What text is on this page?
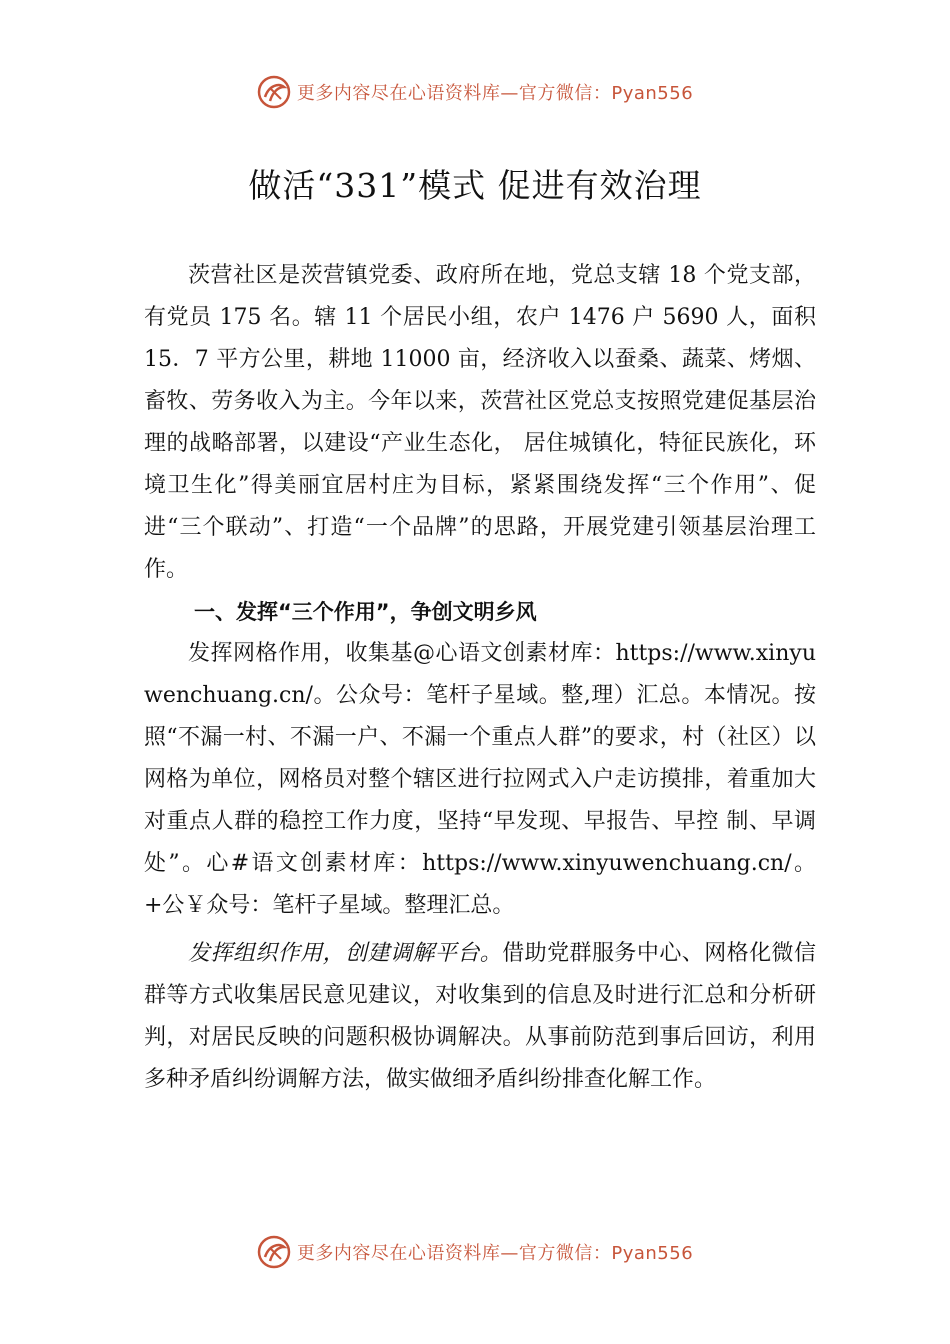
更多内容尽在心语资料库—官方微信：Pyan556
做活“331”模式 促进有效治理

茨营社区是茨营镇党委、政府所在地，党总支辖 18 个党支部，有党员 175 名。辖 11 个居民小组，农户 1476 户 5690 人，面积 15．7 平方公里，耕地 11000 亩，经济收入以蚕桑、蔬菜、烤烟、畜牧、劳务收入为主。今年以来，茨营社区党总支按照党建促基层治理的战略部署，以建设“产业生态化， 居住城镇化，特征民族化，环境卫生化”得美丽宜居村庄为目标，紧紧围绕发挥“三个作用”、促进“三个联动”、打造“一个品牌”的思路，开展党建引领基层治理工作。

一、发挥“三个作用”，争创文明乡风

发挥网格作用，收集基@心语文创素材库：https://www.xinyuwenchuang.cn/。公众号：笔杆子星域。整,理）汇总。本情况。按照“不漏一村、不漏一户、不漏一个重点人群”的要求，村（社区）以网格为单位，网格员对整个辖区进行拉网式入户走访摸排，着重加大对重点人群的稳控工作力度，坚持“早发现、早报告、早控 制、早调处”。心#语文创素材库：https://www.xinyuwenchuang.cn/。+公￥众号：笔杆子星域。整理汇总。

发挥组织作用，创建调解平台。借助党群服务中心、网格化微信群等方式收集居民意见建议，对收集到的信息及时进行汇总和分析研判，对居民反映的问题积极协调解决。从事前防范到事后回访，利用多种矛盾纠纷调解方法，做实做细矛盾纠纷排查化解工作。

更多内容尽在心语资料库—官方微信：Pyan556
